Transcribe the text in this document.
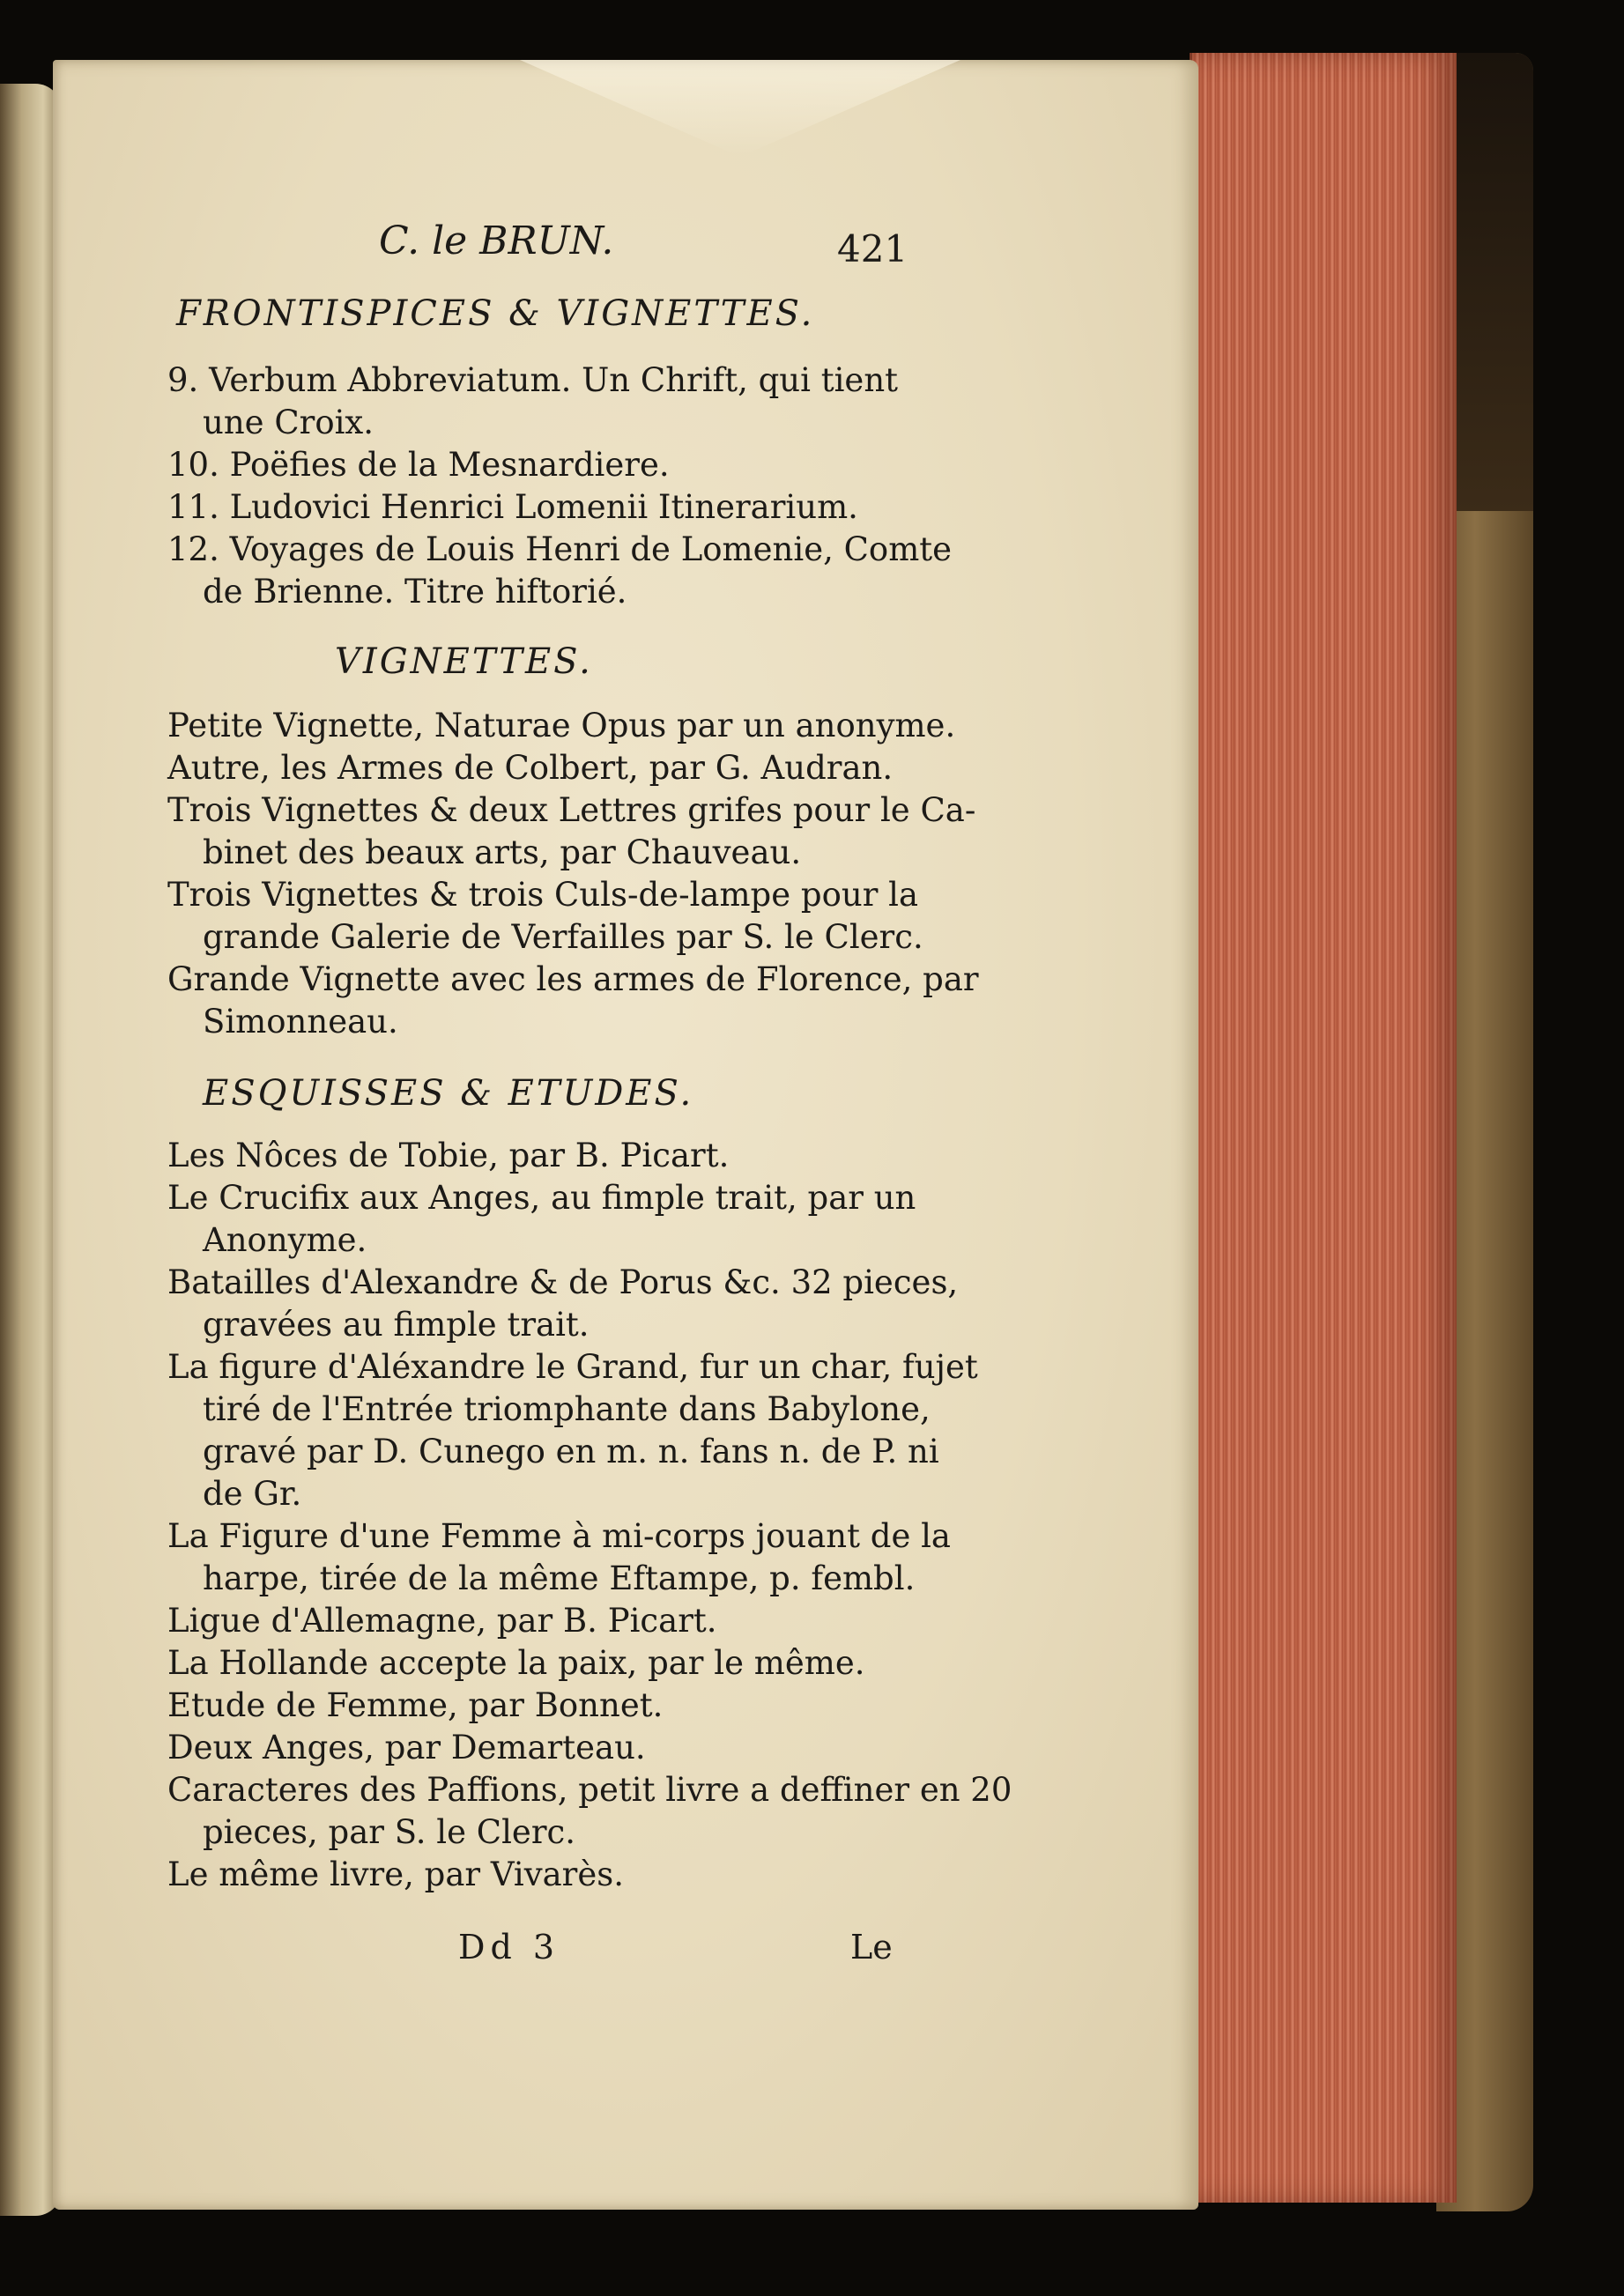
C. le BRUN.	421
FRONTISPICES & VIGNETTES.
9. Verbum Abbreviatum. Un Chrift, qui tient
une Croix.
10. Poëfies de la Mesnardiere.
11. Ludovici Henrici Lomenii Itinerarium.
12. Voyages de Louis Henri de Lomenie, Comte
de Brienne. Titre hiftorié.
VIGNETTES.
Petite Vignette, Naturae Opus par un anonyme.
Autre, les Armes de Colbert, par G. Audran.
Trois Vignettes & deux Lettres grifes pour le Ca-
binet des beaux arts, par Chauveau.
Trois Vignettes & trois Culs-de-lampe pour la
grande Galerie de Verfailles par S. le Clerc.
Grande Vignette avec les armes de Florence, par
Simonneau.
ESQUISSES & ETUDES.
Les Nôces de Tobie, par B. Picart.
Le Crucifix aux Anges, au fimple trait, par un
Anonyme.
Batailles d'Alexandre & de Porus &c. 32 pieces,
gravées au fimple trait.
La figure d'Aléxandre le Grand, fur un char, fujet
tiré de l'Entrée triomphante dans Babylone,
gravé par D. Cunego en m. n. fans n. de P. ni
de Gr.
La Figure d'une Femme à mi-corps jouant de la
harpe, tirée de la même Eftampe, p. fembl.
Ligue d'Allemagne, par B. Picart.
La Hollande accepte la paix, par le même.
Etude de Femme, par Bonnet.
Deux Anges, par Demarteau.
Caracteres des Paffions, petit livre a deffiner en 20
pieces, par S. le Clerc.
Le même livre, par Vivarès.
Dd 3	Le
